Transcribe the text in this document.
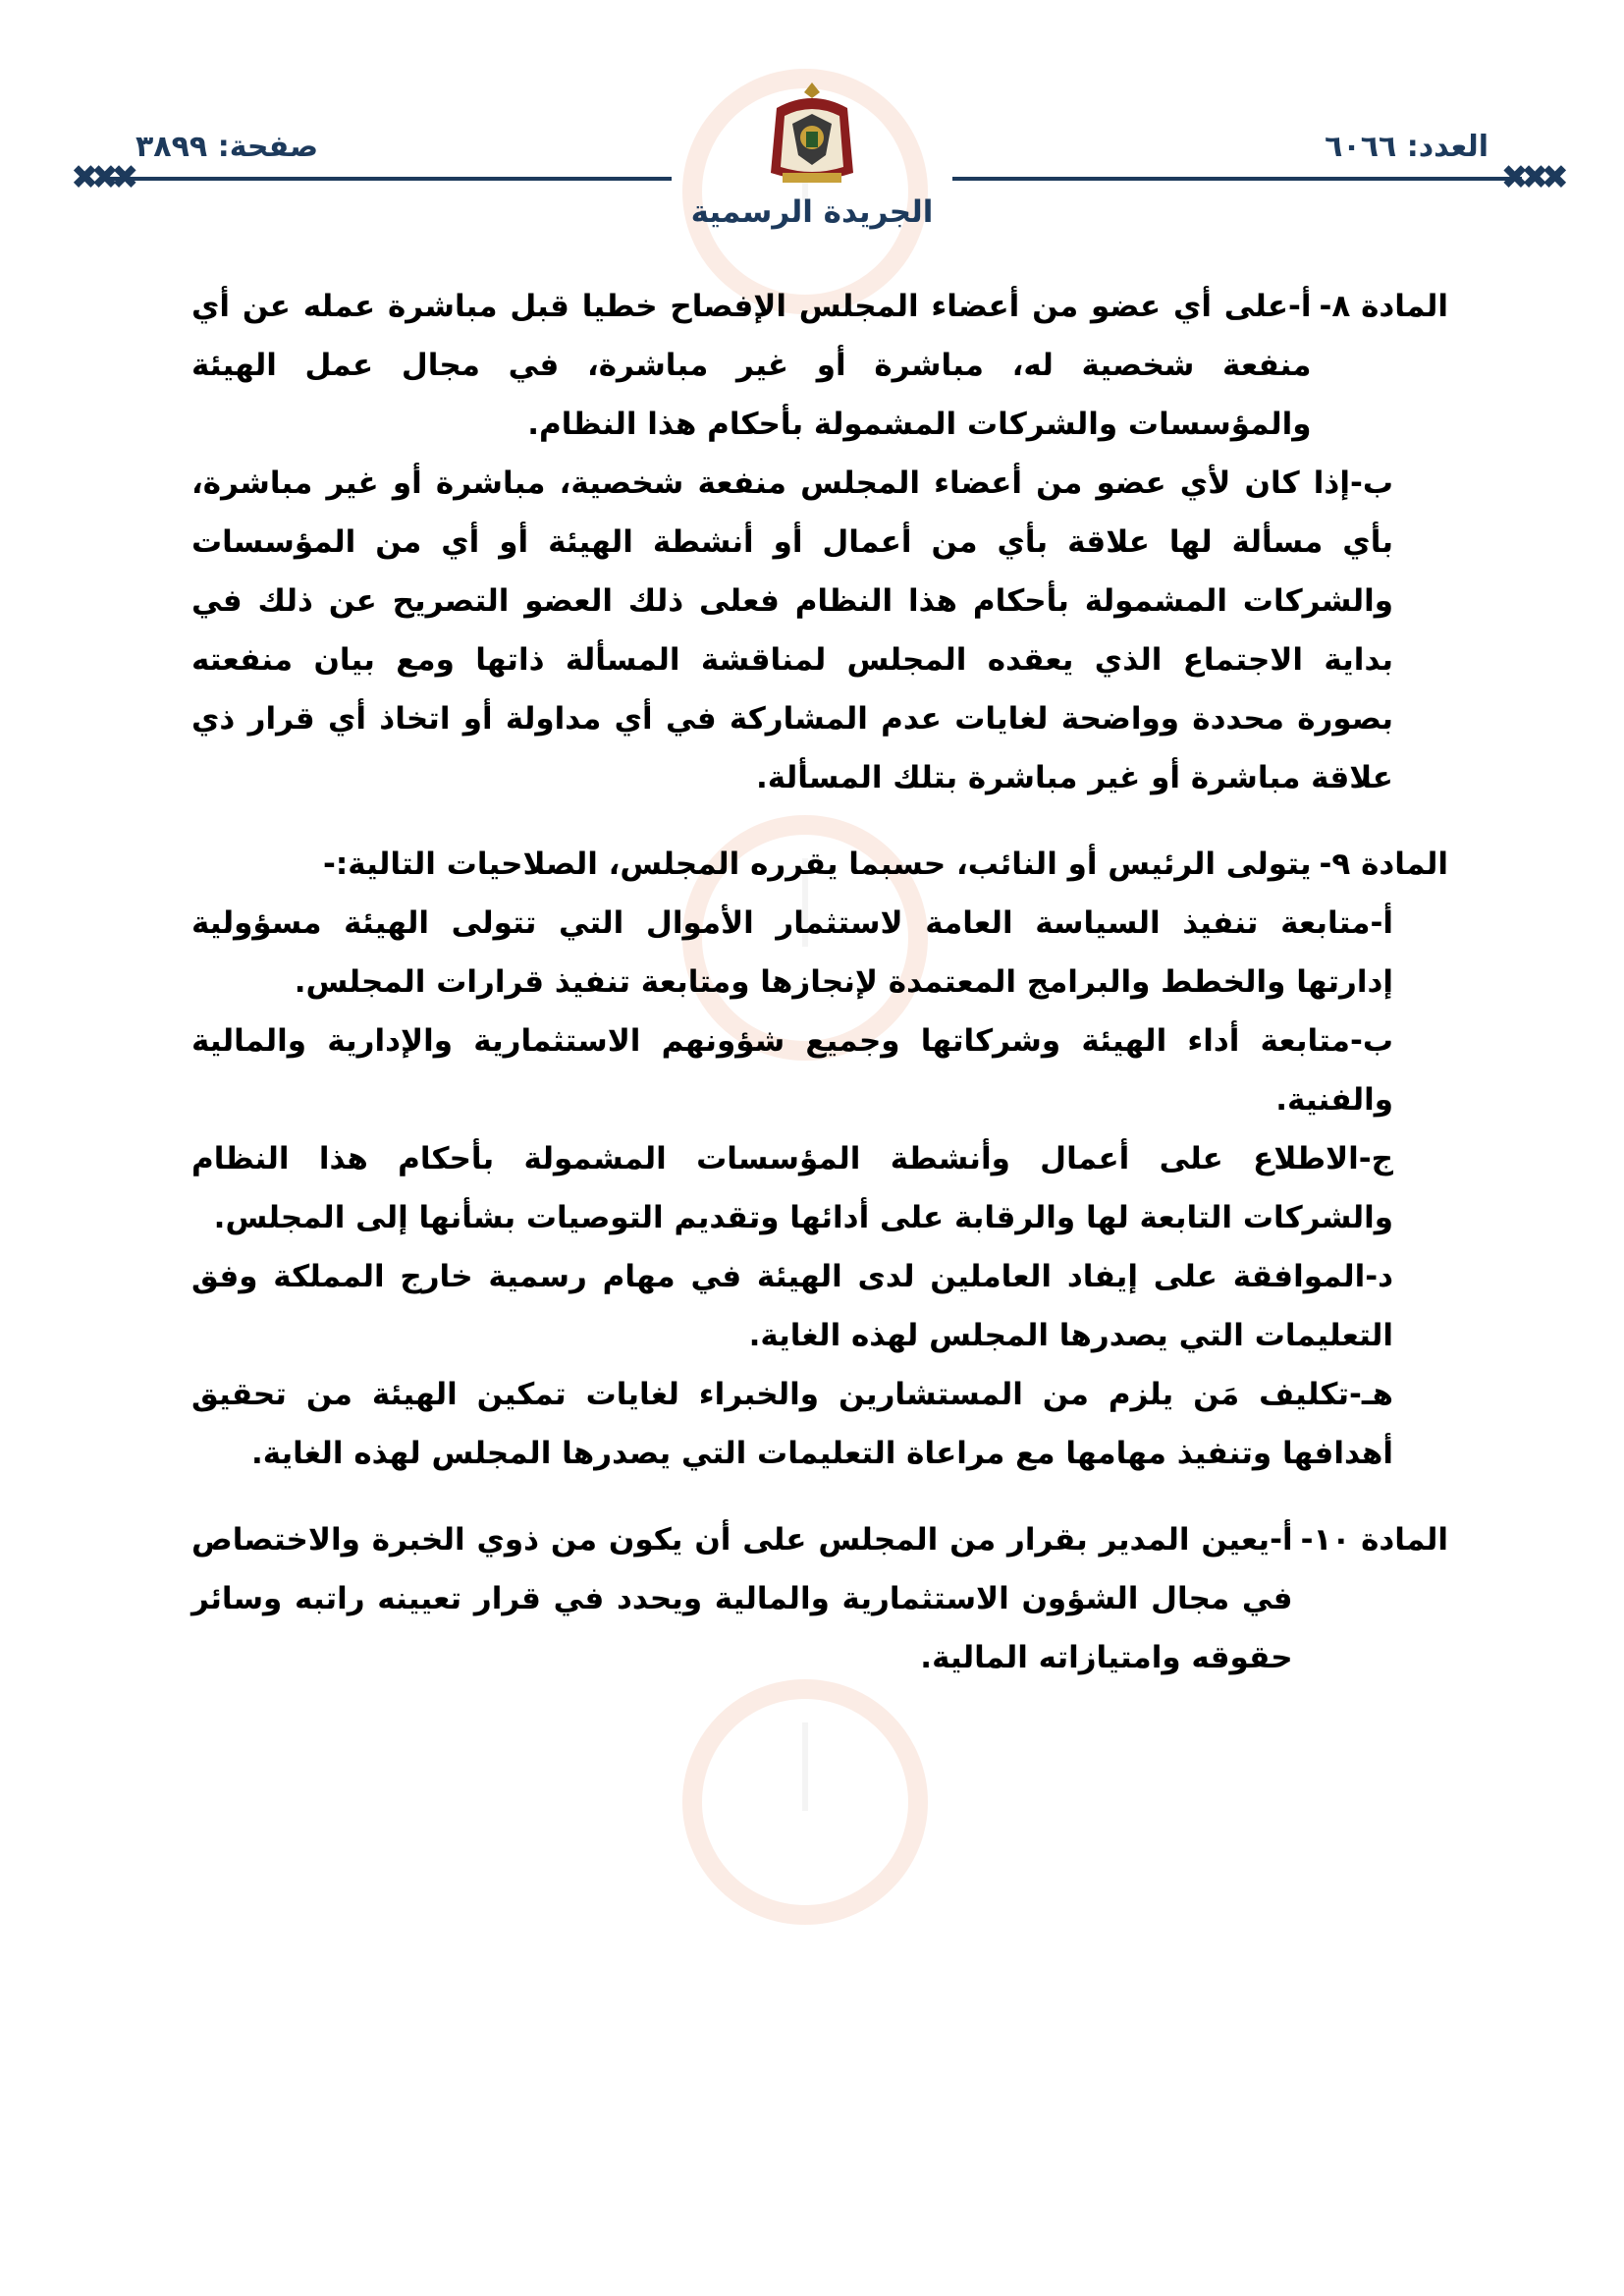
العدد: ٦٠٦٦
صفحة: ٣٨٩٩
✖✖✖
✖✖✖
الجريدة الرسمية
المادة ٨-
أ-على أي عضو من أعضاء المجلس الإفصاح خطيا قبل مباشرة عمله عن أي منفعة شخصية له، مباشرة أو غير مباشرة، في مجال عمل الهيئة والمؤسسات والشركات المشمولة بأحكام هذا النظام.
ب-إذا كان لأي عضو من أعضاء المجلس منفعة شخصية، مباشرة أو غير مباشرة، بأي مسألة لها علاقة بأي من أعمال أو أنشطة الهيئة أو أي من المؤسسات والشركات المشمولة بأحكام هذا النظام فعلى ذلك العضو التصريح عن ذلك في بداية الاجتماع الذي يعقده المجلس لمناقشة المسألة ذاتها ومع بيان منفعته بصورة محددة وواضحة لغايات عدم المشاركة في أي مداولة أو اتخاذ أي قرار ذي علاقة مباشرة أو غير مباشرة بتلك المسألة.
المادة ٩-
يتولى الرئيس أو النائب، حسبما يقرره المجلس، الصلاحيات التالية:-
أ-متابعة تنفيذ السياسة العامة لاستثمار الأموال التي تتولى الهيئة مسؤولية إدارتها والخطط والبرامج المعتمدة لإنجازها ومتابعة تنفيذ قرارات المجلس.
ب-متابعة أداء الهيئة وشركاتها وجميع شؤونهم الاستثمارية والإدارية والمالية والفنية.
ج-الاطلاع على أعمال وأنشطة المؤسسات المشمولة بأحكام هذا النظام والشركات التابعة لها والرقابة على أدائها وتقديم التوصيات بشأنها إلى المجلس.
د-الموافقة على إيفاد العاملين لدى الهيئة في مهام رسمية خارج المملكة وفق التعليمات التي يصدرها المجلس لهذه الغاية.
هـ-تكليف مَن يلزم من المستشارين والخبراء لغايات تمكين الهيئة من تحقيق أهدافها وتنفيذ مهامها مع مراعاة التعليمات التي يصدرها المجلس لهذه الغاية.
المادة ١٠-
أ-يعين المدير بقرار من المجلس على أن يكون من ذوي الخبرة والاختصاص في مجال الشؤون الاستثمارية والمالية ويحدد في قرار تعيينه راتبه وسائر حقوقه وامتيازاته المالية.
